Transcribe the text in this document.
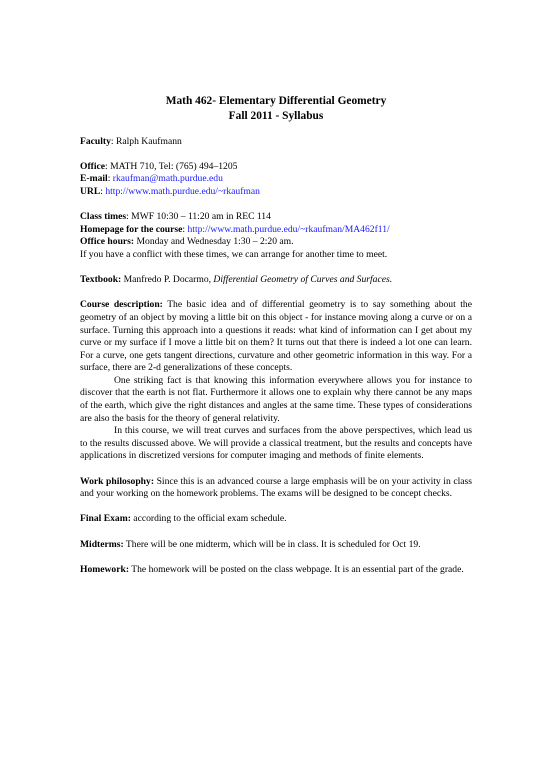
Math 462- Elementary Differential Geometry

Fall 2011 - Syllabus

Faculty: Ralph Kaufmann

Office: MATH 710, Tel: (765) 494–1205

E-mail: rkaufman@math.purdue.edu

URL: http://www.math.purdue.edu/~rkaufman

Class times: MWF 10:30 – 11:20 am in REC 114

Homepage for the course: http://www.math.purdue.edu/~rkaufman/MA462f11/

Office hours: Monday and Wednesday 1:30 – 2:20 am.

If you have a conflict with these times, we can arrange for another time to meet.

Textbook: Manfredo P. Docarmo, Differential Geometry of Curves and Surfaces.

Course description: The basic idea and of differential geometry is to say something about the geometry of an object by moving a little bit on this object - for instance moving along a curve or on a surface. Turning this approach into a questions it reads: what kind of information can I get about my curve or my surface if I move a little bit on them? It turns out that there is indeed a lot one can learn. For a curve, one gets tangent directions, curvature and other geometric information in this way. For a surface, there are 2-d generalizations of these concepts.

One striking fact is that knowing this information everywhere allows you for instance to discover that the earth is not flat. Furthermore it allows one to explain why there cannot be any maps of the earth, which give the right distances and angles at the same time. These types of considerations are also the basis for the theory of general relativity.

In this course, we will treat curves and surfaces from the above perspectives, which lead us to the results discussed above. We will provide a classical treatment, but the results and concepts have applications in discretized versions for computer imaging and methods of finite elements.

Work philosophy: Since this is an advanced course a large emphasis will be on your activity in class and your working on the homework problems. The exams will be designed to be concept checks.

Final Exam: according to the official exam schedule.

Midterms: There will be one midterm, which will be in class. It is scheduled for Oct 19.

Homework: The homework will be posted on the class webpage. It is an essential part of the grade.
